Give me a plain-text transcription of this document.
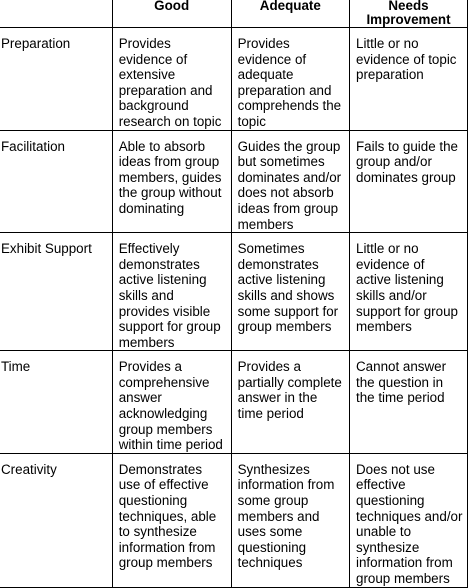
	Good	Adequate	Needs
Improvement
Preparation	Provides evidence of extensive preparation and background research on topic	Provides evidence of adequate preparation and comprehends the topic	Little or no evidence of topic preparation
Facilitation	Able to absorb ideas from group members, guides the group without dominating	Guides the group but sometimes dominates and/or does not absorb ideas from group members	Fails to guide the group and/or dominates group
Exhibit Support	Effectively demonstrates active listening skills and provides visible support for group members	Sometimes demonstrates active listening skills and shows some support for group members	Little or no evidence of active listening skills and/or support for group members
Time	Provides a comprehensive answer acknowledging group members within time period	Provides a partially complete answer in the time period	Cannot answer the question in the time period
Creativity	Demonstrates use of effective questioning techniques, able to synthesize information from group members	Synthesizes information from some group members and uses some questioning techniques	Does not use effective questioning techniques and/or unable to synthesize information from group members
